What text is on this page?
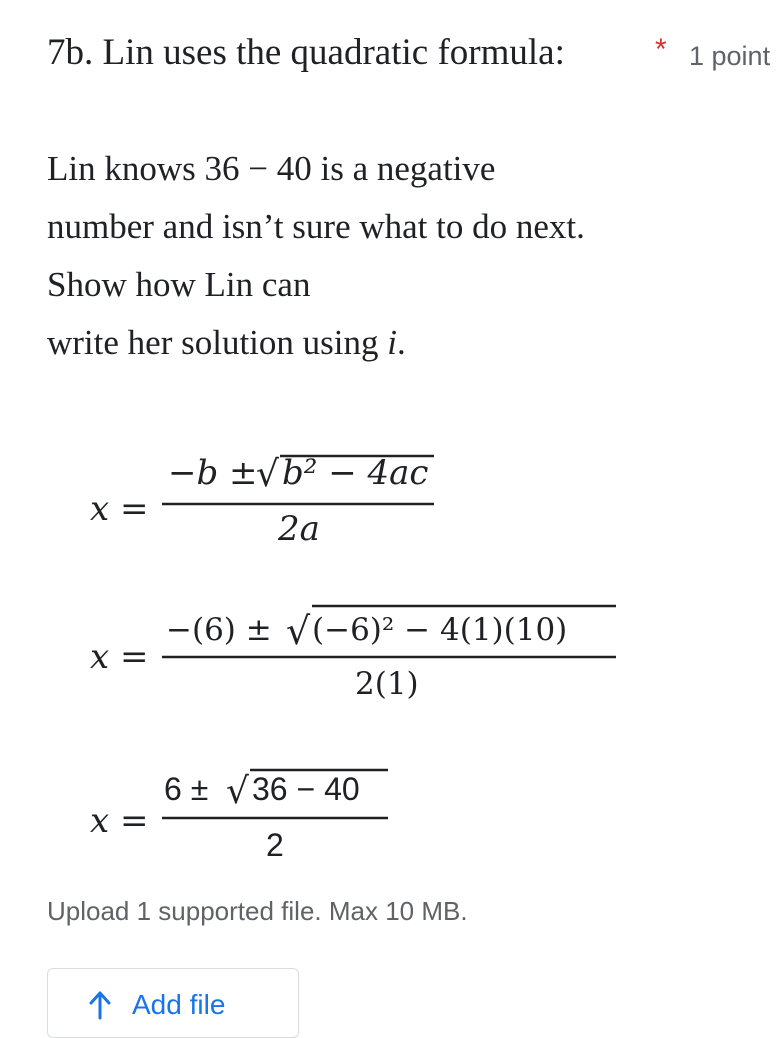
7b. Lin uses the quadratic formula:	* 1 point
Lin knows 36 − 40 is a negative
number and isn’t sure what to do next.
Show how Lin can
write her solution using i.
x =
−b ±
√ b² − 4ac
2a
x =
−(6) ± √ (−6)² − 4(1)(10)
2(1)
x =
6 ± √ 36 − 40
2
Upload 1 supported file. Max 10 MB.
Add file
